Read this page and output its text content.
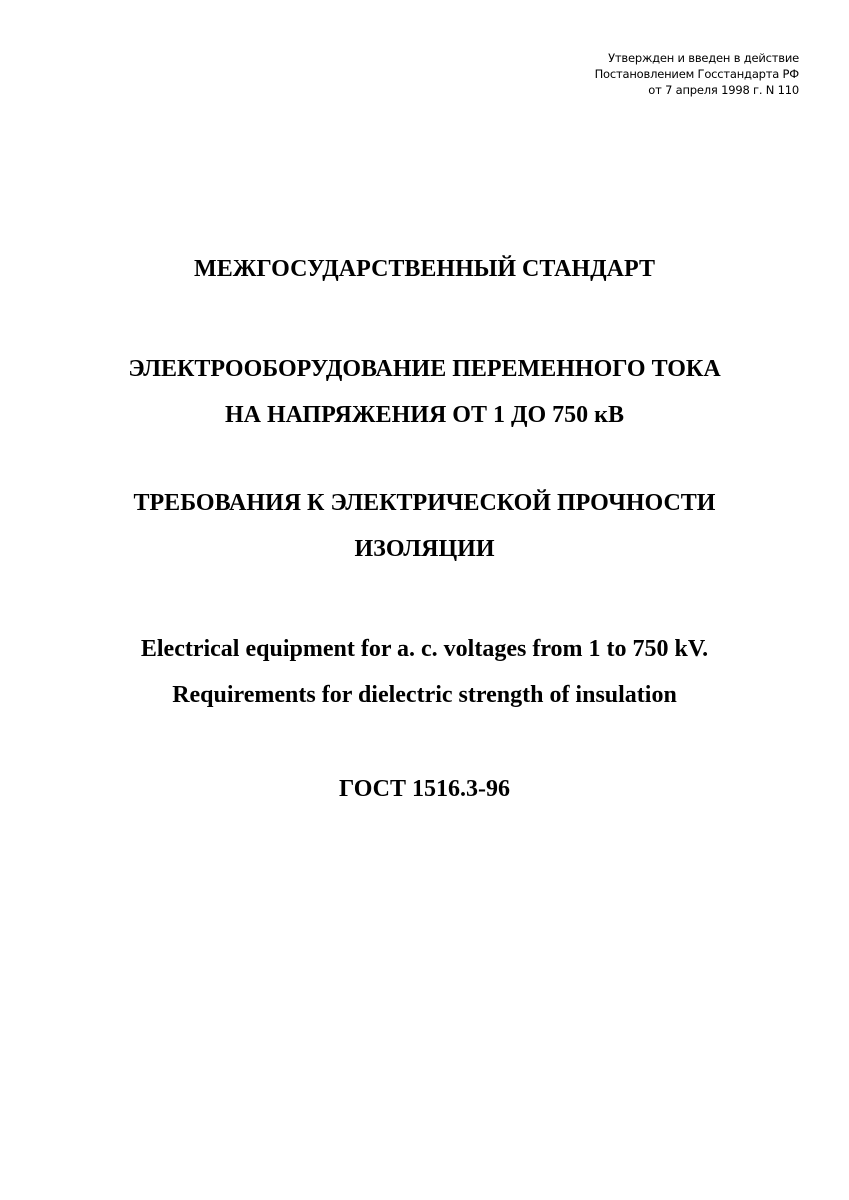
Утвержден и введен в действие
Постановлением Госстандарта РФ
от 7 апреля 1998 г. N 110
МЕЖГОСУДАРСТВЕННЫЙ СТАНДАРТ
ЭЛЕКТРООБОРУДОВАНИЕ ПЕРЕМЕННОГО ТОКА
НА НАПРЯЖЕНИЯ ОТ 1 ДО 750 кВ
ТРЕБОВАНИЯ К ЭЛЕКТРИЧЕСКОЙ ПРОЧНОСТИ
ИЗОЛЯЦИИ
Electrical equipment for a. c. voltages from 1 to 750 kV.
Requirements for dielectric strength of insulation
ГОСТ 1516.3-96
